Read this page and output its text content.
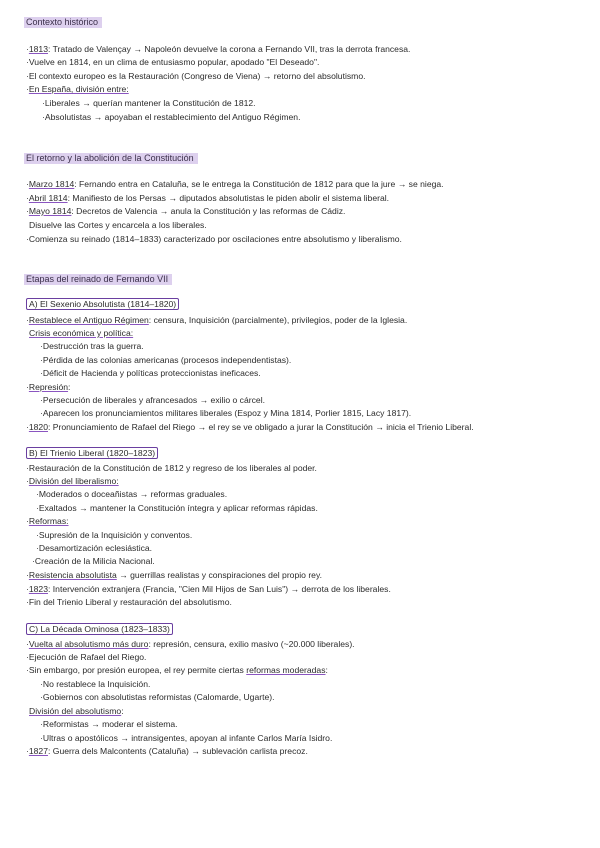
Contexto histórico
· 1813: Tratado de Valençay → Napoleón devuelve la corona a Fernando VII, tras la derrota francesa.
· Vuelve en 1814, en un clima de entusiasmo popular, apodado "El Deseado".
· El contexto europeo es la Restauración (Congreso de Viena) → retorno del absolutismo.
· En España, división entre:
· Liberales → querían mantener la Constitución de 1812.
· Absolutistas → apoyaban el restablecimiento del Antiguo Régimen.
El retorno y la abolición de la Constitución
· Marzo 1814: Fernando entra en Cataluña, se le entrega la Constitución de 1812 para que la jure → se niega.
· Abril 1814: Manifiesto de los Persas → diputados absolutistas le piden abolir el sistema liberal.
· Mayo 1814: Decretos de Valencia → anula la Constitución y las reformas de Cádiz.
Disuelve las Cortes y encarcela a los liberales.
· Comienza su reinado (1814–1833) caracterizado por oscilaciones entre absolutismo y liberalismo.
Etapas del reinado de Fernando VII
A) El Sexenio Absolutista (1814–1820)
· Restablece el Antiguo Régimen: censura, Inquisición (parcialmente), privilegios, poder de la Iglesia.
Crisis económica y política:
· Destrucción tras la guerra.
· Pérdida de las colonias americanas (procesos independentistas).
· Déficit de Hacienda y políticas proteccionistas ineficaces.
· Represión:
· Persecución de liberales y afrancesados → exilio o cárcel.
· Aparecen los pronunciamientos militares liberales (Espoz y Mina 1814, Porlier 1815, Lacy 1817).
· 1820: Pronunciamiento de Rafael del Riego → el rey se ve obligado a jurar la Constitución → inicia el Trienio Liberal.
B) El Trienio Liberal (1820–1823)
· Restauración de la Constitución de 1812 y regreso de los liberales al poder.
· División del liberalismo:
· Moderados o doceañistas → reformas graduales.
· Exaltados → mantener la Constitución íntegra y aplicar reformas rápidas.
· Reformas:
· Supresión de la Inquisición y conventos.
· Desamortización eclesiástica.
· Creación de la Milicia Nacional.
· Resistencia absolutista → guerrillas realistas y conspiraciones del propio rey.
· 1823: Intervención extranjera (Francia, "Cien Mil Hijos de San Luis") → derrota de los liberales.
· Fin del Trienio Liberal y restauración del absolutismo.
C) La Década Ominosa (1823–1833)
· Vuelta al absolutismo más duro: represión, censura, exilio masivo (~20.000 liberales).
· Ejecución de Rafael del Riego.
· Sin embargo, por presión europea, el rey permite ciertas reformas moderadas:
· No restablece la Inquisición.
· Gobiernos con absolutistas reformistas (Calomarde, Ugarte).
División del absolutismo:
· Reformistas → moderar el sistema.
· Ultras o apostólicos → intransigentes, apoyan al infante Carlos María Isidro.
· 1827: Guerra dels Malcontents (Cataluña) → sublevación carlista precoz.
